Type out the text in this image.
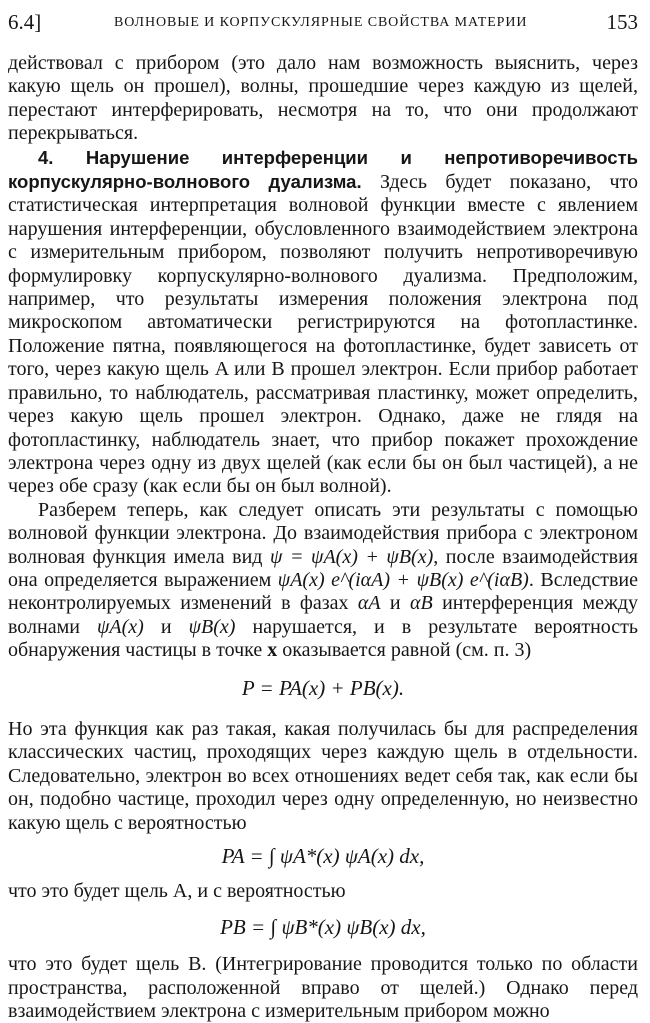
6.4]	ВОЛНОВЫЕ И КОРПУСКУЛЯРНЫЕ СВОЙСТВА МАТЕРИИ	153

действовал с прибором (это дало нам возможность выяснить, через какую щель он прошел), волны, прошедшие через каждую из щелей, перестают интерферировать, несмотря на то, что они продолжают перекрываться.

4. Нарушение интерференции и непротиворечивость корпускулярно-волнового дуализма. Здесь будет показано, что статистическая интерпретация волновой функции вместе с явлением нарушения интерференции, обусловленного взаимодействием электрона с измерительным прибором, позволяют получить непротиворечивую формулировку корпускулярно-волнового дуализма. Предположим, например, что результаты измерения положения электрона под микроскопом автоматически регистрируются на фотопластинке. Положение пятна, появляющегося на фотопластинке, будет зависеть от того, через какую щель A или B прошел электрон. Если прибор работает правильно, то наблюдатель, рассматривая пластинку, может определить, через какую щель прошел электрон. Однако, даже не глядя на фотопластинку, наблюдатель знает, что прибор покажет прохождение электрона через одну из двух щелей (как если бы он был частицей), а не через обе сразу (как если бы он был волной).

Разберем теперь, как следует описать эти результаты с помощью волновой функции электрона. До взаимодействия прибора с электроном волновая функция имела вид ψ = ψA(x) + ψB(x), после взаимодействия она определяется выражением ψA(x) e^(iαA) + ψB(x) e^(iαB). Вследствие неконтролируемых изменений в фазах αA и αB интерференция между волнами ψA(x) и ψB(x) нарушается, и в результате вероятность обнаружения частицы в точке x оказывается равной (см. п. 3)

P = PA(x) + PB(x).

Но эта функция как раз такая, какая получилась бы для распределения классических частиц, проходящих через каждую щель в отдельности. Следовательно, электрон во всех отношениях ведет себя так, как если бы он, подобно частице, проходил через одну определенную, но неизвестно какую щель с вероятностью

PA = ∫ ψA*(x) ψA(x) dx,

что это будет щель A, и с вероятностью

PB = ∫ ψB*(x) ψB(x) dx,

что это будет щель B. (Интегрирование проводится только по области пространства, расположенной вправо от щелей.) Однако перед взаимодействием электрона с измерительным прибором можно
